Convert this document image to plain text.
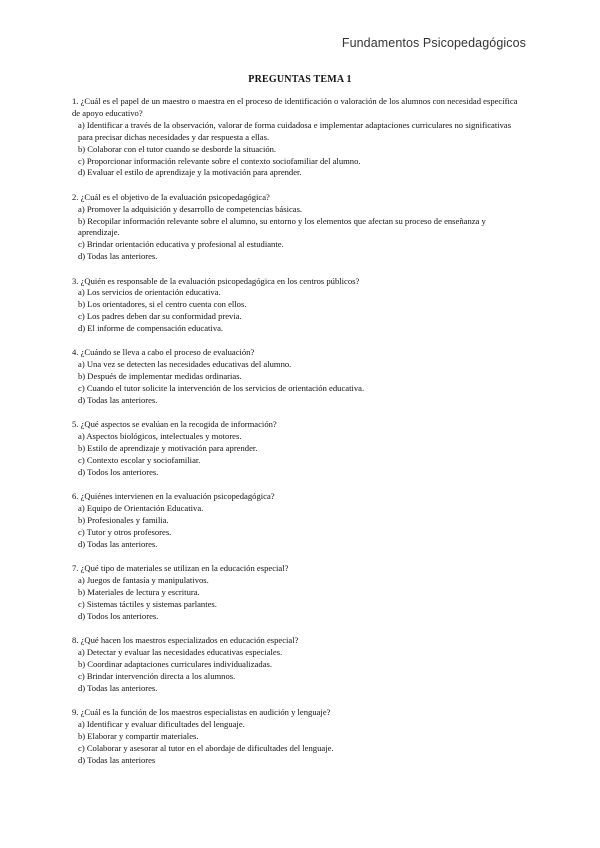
Fundamentos Psicopedagógicos
PREGUNTAS TEMA 1

1. ¿Cuál es el papel de un maestro o maestra en el proceso de identificación o valoración de los alumnos con necesidad específica de apoyo educativo?

a) Identificar a través de la observación, valorar de forma cuidadosa e implementar adaptaciones curriculares no significativas para precisar dichas necesidades y dar respuesta a ellas.

b) Colaborar con el tutor cuando se desborde la situación.

c) Proporcionar información relevante sobre el contexto sociofamiliar del alumno.

d) Evaluar el estilo de aprendizaje y la motivación para aprender.

2. ¿Cuál es el objetivo de la evaluación psicopedagógica?

a) Promover la adquisición y desarrollo de competencias básicas.

b) Recopilar información relevante sobre el alumno, su entorno y los elementos que afectan su proceso de enseñanza y aprendizaje.

c) Brindar orientación educativa y profesional al estudiante.

d) Todas las anteriores.

3. ¿Quién es responsable de la evaluación psicopedagógica en los centros públicos?

a) Los servicios de orientación educativa.

b) Los orientadores, si el centro cuenta con ellos.

c) Los padres deben dar su conformidad previa.

d) El informe de compensación educativa.

4. ¿Cuándo se lleva a cabo el proceso de evaluación?

a) Una vez se detecten las necesidades educativas del alumno.

b) Después de implementar medidas ordinarias.

c) Cuando el tutor solicite la intervención de los servicios de orientación educativa.

d) Todas las anteriores.

5. ¿Qué aspectos se evalúan en la recogida de información?

a) Aspectos biológicos, intelectuales y motores.

b) Estilo de aprendizaje y motivación para aprender.

c) Contexto escolar y sociofamiliar.

d) Todos los anteriores.

6. ¿Quiénes intervienen en la evaluación psicopedagógica?

a) Equipo de Orientación Educativa.

b) Profesionales y familia.

c) Tutor y otros profesores.

d) Todas las anteriores.

7. ¿Qué tipo de materiales se utilizan en la educación especial?

a) Juegos de fantasía y manipulativos.

b) Materiales de lectura y escritura.

c) Sistemas táctiles y sistemas parlantes.

d) Todos los anteriores.

8. ¿Qué hacen los maestros especializados en educación especial?

a) Detectar y evaluar las necesidades educativas especiales.

b) Coordinar adaptaciones curriculares individualizadas.

c) Brindar intervención directa a los alumnos.

d) Todas las anteriores.

9. ¿Cuál es la función de los maestros especialistas en audición y lenguaje?

a) Identificar y evaluar dificultades del lenguaje.

b) Elaborar y compartir materiales.

c) Colaborar y asesorar al tutor en el abordaje de dificultades del lenguaje.

d) Todas las anteriores
